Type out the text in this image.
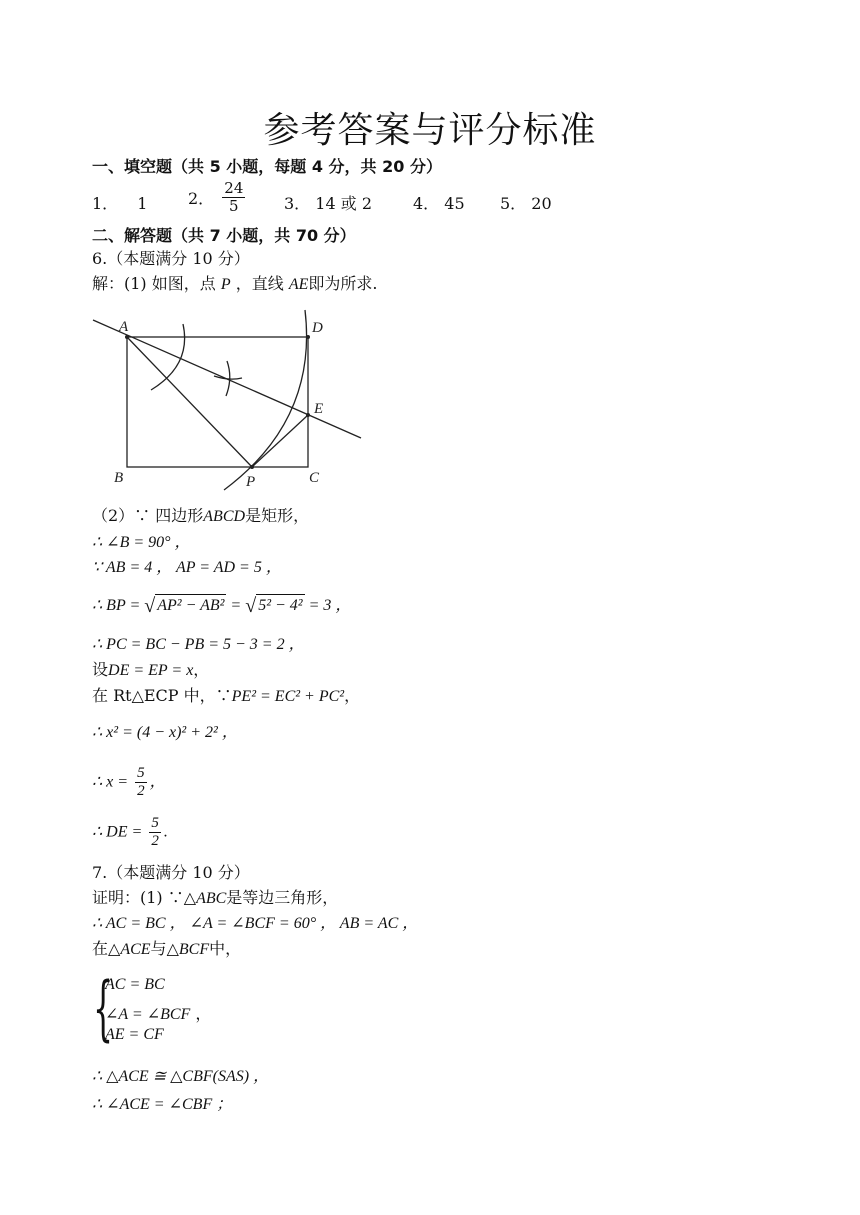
参考答案与评分标准
一、填空题（共 5 小题，每题 4 分，共 20 分）
1． 1	2． $\frac{24}{5} 3$． 14 或 2	4． 45 5． 20
二、解答题（共 7 小题，共 70 分）
6.（本题满分 10 分）
解：(1) 如图，点 P ，直线 AE即为所求.
A	D
E
B	C
P
（2）∵ 四边形ABCD是矩形，
∴ ∠B = 90° ，
∵ AB = 4 ， AP = AD = 5 ，
∴ BP = √ AP² − AB² = √ 5² − 4² = 3 ，
∴ PC = BC − PB = 5 − 3 = 2 ，
设DE = EP = x，
在 Rt△ECP 中，∵PE² = EC² + PC²，
∴ x² = (4 − x)² + 2² ，
∴ $x = \frac{5}{2}$ ，
∴ DE = $\frac{5}{2}$ .
7.（本题满分 10 分）
证明：(1) ∵△ABC是等边三角形，
∴ AC = BC ， ∠A = ∠BCF = 60° ， AB = AC ，
在△ACE与△BCF中，
{
AC = BC
∠A = ∠BCF ，
AE = CF
∴ △ACE ≅ △CBF(SAS) ，
∴ ∠ACE = ∠CBF ；
